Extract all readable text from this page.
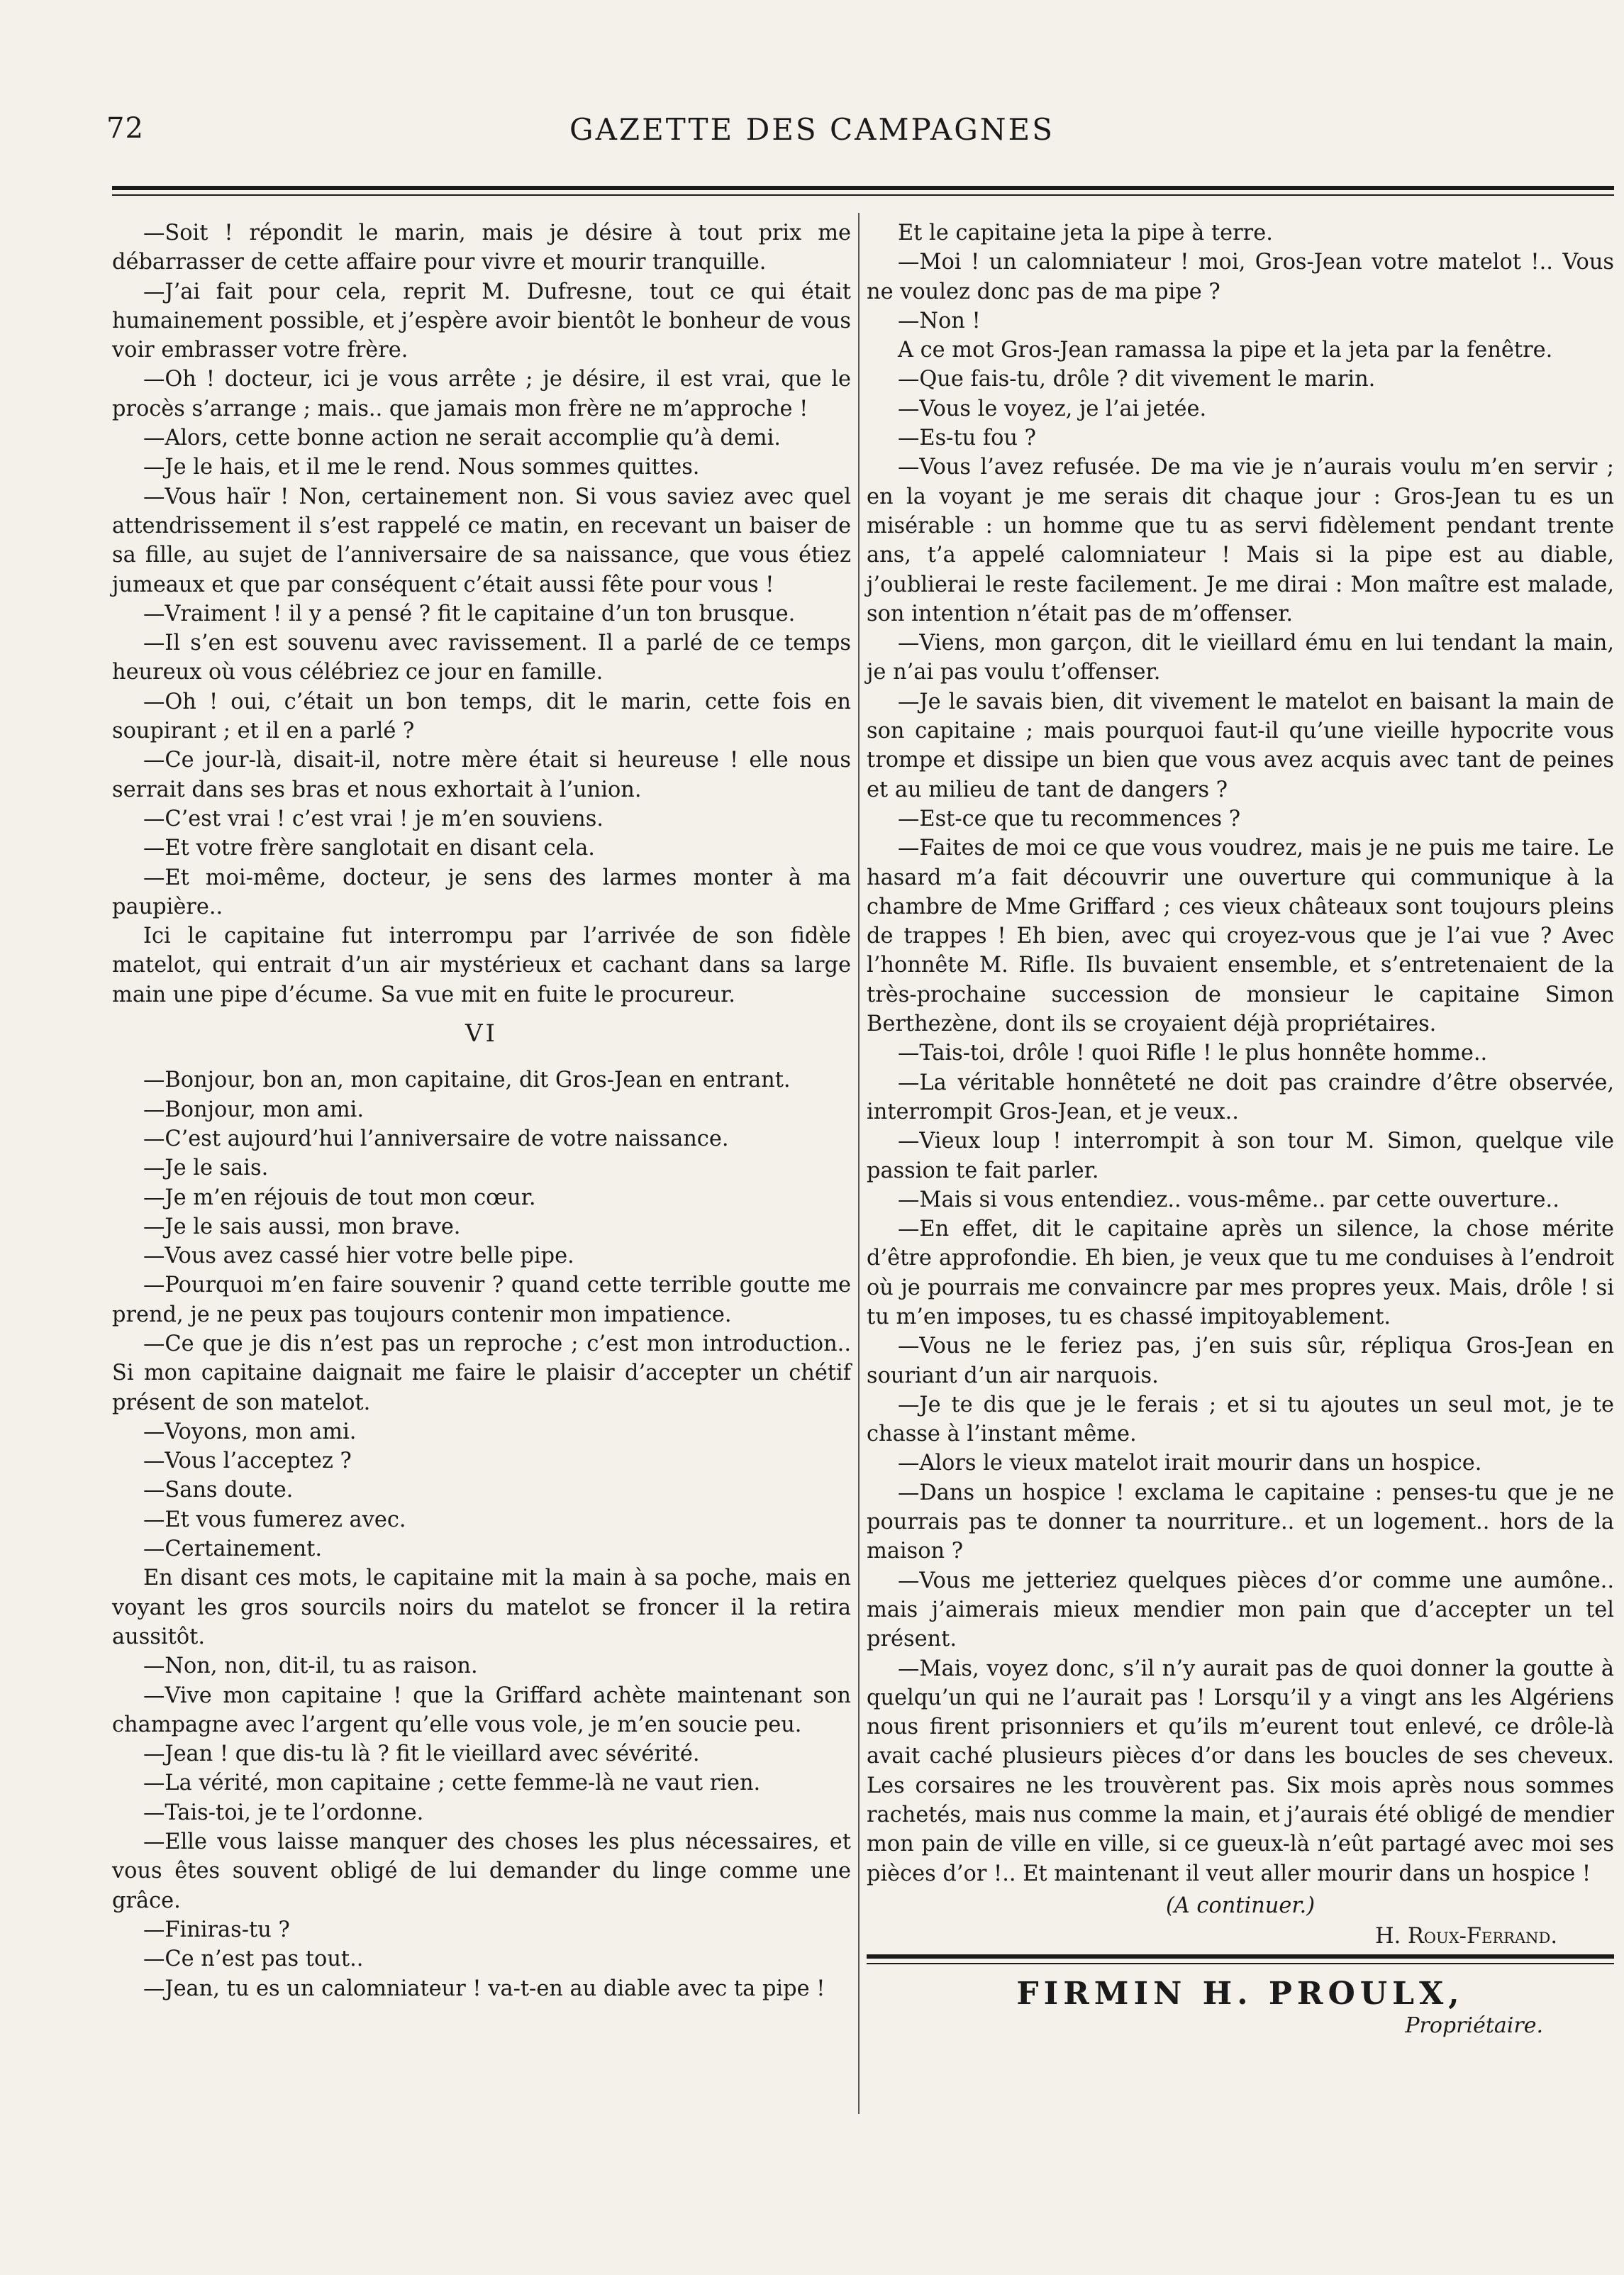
72	GAZETTE DES CAMPAGNES

—Soit ! répondit le marin, mais je désire à tout prix me débarrasser de cette affaire pour vivre et mourir tranquille.

—J’ai fait pour cela, reprit M. Dufresne, tout ce qui était humainement possible, et j’espère avoir bientôt le bonheur de vous voir embrasser votre frère.

—Oh ! docteur, ici je vous arrête ; je désire, il est vrai, que le procès s’arrange ; mais.. que jamais mon frère ne m’approche !

—Alors, cette bonne action ne serait accomplie qu’à demi.

—Je le hais, et il me le rend. Nous sommes quittes.

—Vous haïr ! Non, certainement non. Si vous saviez avec quel attendrissement il s’est rappelé ce matin, en recevant un baiser de sa fille, au sujet de l’anniversaire de sa naissance, que vous étiez jumeaux et que par conséquent c’était aussi fête pour vous !

—Vraiment ! il y a pensé ? fit le capitaine d’un ton brusque.

—Il s’en est souvenu avec ravissement. Il a parlé de ce temps heureux où vous célébriez ce jour en famille.

—Oh ! oui, c’était un bon temps, dit le marin, cette fois en soupirant ; et il en a parlé ?

—Ce jour-là, disait-il, notre mère était si heureuse ! elle nous serrait dans ses bras et nous exhortait à l’union.

—C’est vrai ! c’est vrai ! je m’en souviens.

—Et votre frère sanglotait en disant cela.

—Et moi-même, docteur, je sens des larmes monter à ma paupière..

Ici le capitaine fut interrompu par l’arrivée de son fidèle matelot, qui entrait d’un air mystérieux et cachant dans sa large main une pipe d’écume. Sa vue mit en fuite le procureur.

VI

—Bonjour, bon an, mon capitaine, dit Gros-Jean en entrant.

—Bonjour, mon ami.

—C’est aujourd’hui l’anniversaire de votre naissance.

—Je le sais.

—Je m’en réjouis de tout mon cœur.

—Je le sais aussi, mon brave.

—Vous avez cassé hier votre belle pipe.

—Pourquoi m’en faire souvenir ? quand cette terrible goutte me prend, je ne peux pas toujours contenir mon impatience.

—Ce que je dis n’est pas un reproche ; c’est mon introduction.. Si mon capitaine daignait me faire le plaisir d’accepter un chétif présent de son matelot.

—Voyons, mon ami.

—Vous l’acceptez ?

—Sans doute.

—Et vous fumerez avec.

—Certainement.

En disant ces mots, le capitaine mit la main à sa poche, mais en voyant les gros sourcils noirs du matelot se froncer il la retira aussitôt.

—Non, non, dit-il, tu as raison.

—Vive mon capitaine ! que la Griffard achète maintenant son champagne avec l’argent qu’elle vous vole, je m’en soucie peu.

—Jean ! que dis-tu là ? fit le vieillard avec sévérité.

—La vérité, mon capitaine ; cette femme-là ne vaut rien.

—Tais-toi, je te l’ordonne.

—Elle vous laisse manquer des choses les plus nécessaires, et vous êtes souvent obligé de lui demander du linge comme une grâce.

—Finiras-tu ?

—Ce n’est pas tout..

—Jean, tu es un calomniateur ! va-t-en au diable avec ta pipe !

Et le capitaine jeta la pipe à terre.

—Moi ! un calomniateur ! moi, Gros-Jean votre matelot !.. Vous ne voulez donc pas de ma pipe ?

—Non !

A ce mot Gros-Jean ramassa la pipe et la jeta par la fenêtre.

—Que fais-tu, drôle ? dit vivement le marin.

—Vous le voyez, je l’ai jetée.

—Es-tu fou ?

—Vous l’avez refusée. De ma vie je n’aurais voulu m’en servir ; en la voyant je me serais dit chaque jour : Gros-Jean tu es un misérable : un homme que tu as servi fidèlement pendant trente ans, t’a appelé calomniateur ! Mais si la pipe est au diable, j’oublierai le reste facilement. Je me dirai : Mon maître est malade, son intention n’était pas de m’offenser.

—Viens, mon garçon, dit le vieillard ému en lui tendant la main, je n’ai pas voulu t’offenser.

—Je le savais bien, dit vivement le matelot en baisant la main de son capitaine ; mais pourquoi faut-il qu’une vieille hypocrite vous trompe et dissipe un bien que vous avez acquis avec tant de peines et au milieu de tant de dangers ?

—Est-ce que tu recommences ?

—Faites de moi ce que vous voudrez, mais je ne puis me taire. Le hasard m’a fait découvrir une ouverture qui communique à la chambre de Mme Griffard ; ces vieux châteaux sont toujours pleins de trappes ! Eh bien, avec qui croyez-vous que je l’ai vue ? Avec l’honnête M. Rifle. Ils buvaient ensemble, et s’entretenaient de la très-prochaine succession de monsieur le capitaine Simon Berthezène, dont ils se croyaient déjà propriétaires.

—Tais-toi, drôle ! quoi Rifle ! le plus honnête homme..

—La véritable honnêteté ne doit pas craindre d’être observée, interrompit Gros-Jean, et je veux..

—Vieux loup ! interrompit à son tour M. Simon, quelque vile passion te fait parler.

—Mais si vous entendiez.. vous-même.. par cette ouverture..

—En effet, dit le capitaine après un silence, la chose mérite d’être approfondie. Eh bien, je veux que tu me conduises à l’endroit où je pourrais me convaincre par mes propres yeux. Mais, drôle ! si tu m’en imposes, tu es chassé impitoyablement.

—Vous ne le feriez pas, j’en suis sûr, répliqua Gros-Jean en souriant d’un air narquois.

—Je te dis que je le ferais ; et si tu ajoutes un seul mot, je te chasse à l’instant même.

—Alors le vieux matelot irait mourir dans un hospice.

—Dans un hospice ! exclama le capitaine : penses-tu que je ne pourrais pas te donner ta nourriture.. et un logement.. hors de la maison ?

—Vous me jetteriez quelques pièces d’or comme une aumône.. mais j’aimerais mieux mendier mon pain que d’accepter un tel présent.

—Mais, voyez donc, s’il n’y aurait pas de quoi donner la goutte à quelqu’un qui ne l’aurait pas ! Lorsqu’il y a vingt ans les Algériens nous firent prisonniers et qu’ils m’eurent tout enlevé, ce drôle-là avait caché plusieurs pièces d’or dans les boucles de ses cheveux. Les corsaires ne les trouvèrent pas. Six mois après nous sommes rachetés, mais nus comme la main, et j’aurais été obligé de mendier mon pain de ville en ville, si ce gueux-là n’eût partagé avec moi ses pièces d’or !.. Et maintenant il veut aller mourir dans un hospice !

(A continuer.)
H. Roux-Ferrand.
FIRMIN H. PROULX,
Propriétaire.
